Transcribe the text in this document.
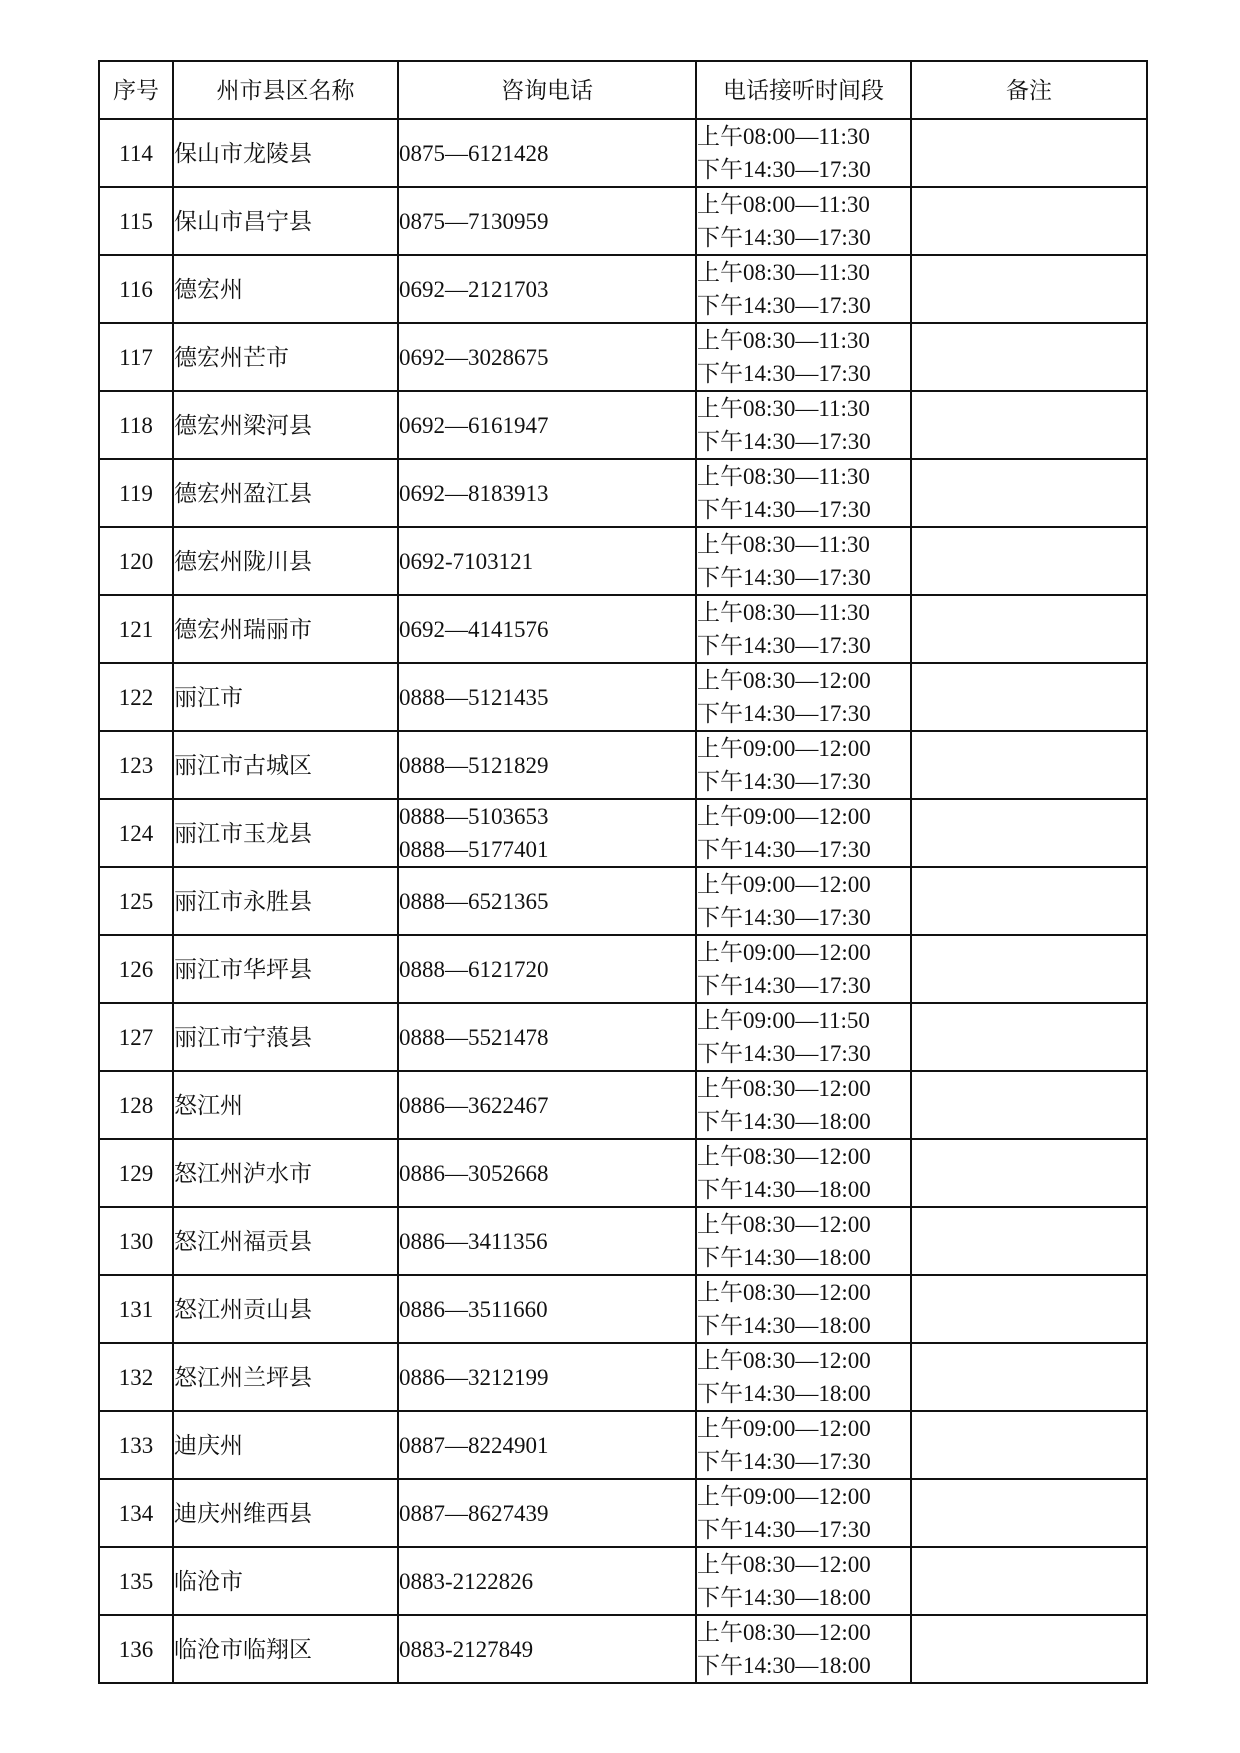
序号	州市县区名称	咨询电话	电话接听时间段	备注
114	保山市龙陵县	0875—6121428	上午08:00—11:30
下午14:30—17:30	

115	保山市昌宁县	0875—7130959	上午08:00—11:30
下午14:30—17:30	

116	德宏州	0692—2121703	上午08:30—11:30
下午14:30—17:30	

117	德宏州芒市	0692—3028675	上午08:30—11:30
下午14:30—17:30	

118	德宏州梁河县	0692—6161947	上午08:30—11:30
下午14:30—17:30	

119	德宏州盈江县	0692—8183913	上午08:30—11:30
下午14:30—17:30	

120	德宏州陇川县	0692-7103121	上午08:30—11:30
下午14:30—17:30	

121	德宏州瑞丽市	0692—4141576	上午08:30—11:30
下午14:30—17:30	

122	丽江市	0888—5121435	上午08:30—12:00
下午14:30—17:30	

123	丽江市古城区	0888—5121829	上午09:00—12:00
下午14:30—17:30	

124	丽江市玉龙县	0888—5103653
0888—5177401	上午09:00—12:00
下午14:30—17:30	

125	丽江市永胜县	0888—6521365	上午09:00—12:00
下午14:30—17:30	

126	丽江市华坪县	0888—6121720	上午09:00—12:00
下午14:30—17:30	

127	丽江市宁蒗县	0888—5521478	上午09:00—11:50
下午14:30—17:30	

128	怒江州	0886—3622467	上午08:30—12:00
下午14:30—18:00	

129	怒江州泸水市	0886—3052668	上午08:30—12:00
下午14:30—18:00	

130	怒江州福贡县	0886—3411356	上午08:30—12:00
下午14:30—18:00	

131	怒江州贡山县	0886—3511660	上午08:30—12:00
下午14:30—18:00	

132	怒江州兰坪县	0886—3212199	上午08:30—12:00
下午14:30—18:00	

133	迪庆州	0887—8224901	上午09:00—12:00
下午14:30—17:30	

134	迪庆州维西县	0887—8627439	上午09:00—12:00
下午14:30—17:30	

135	临沧市	0883-2122826	上午08:30—12:00
下午14:30—18:00	

136	临沧市临翔区	0883-2127849	上午08:30—12:00
下午14:30—18:00	
